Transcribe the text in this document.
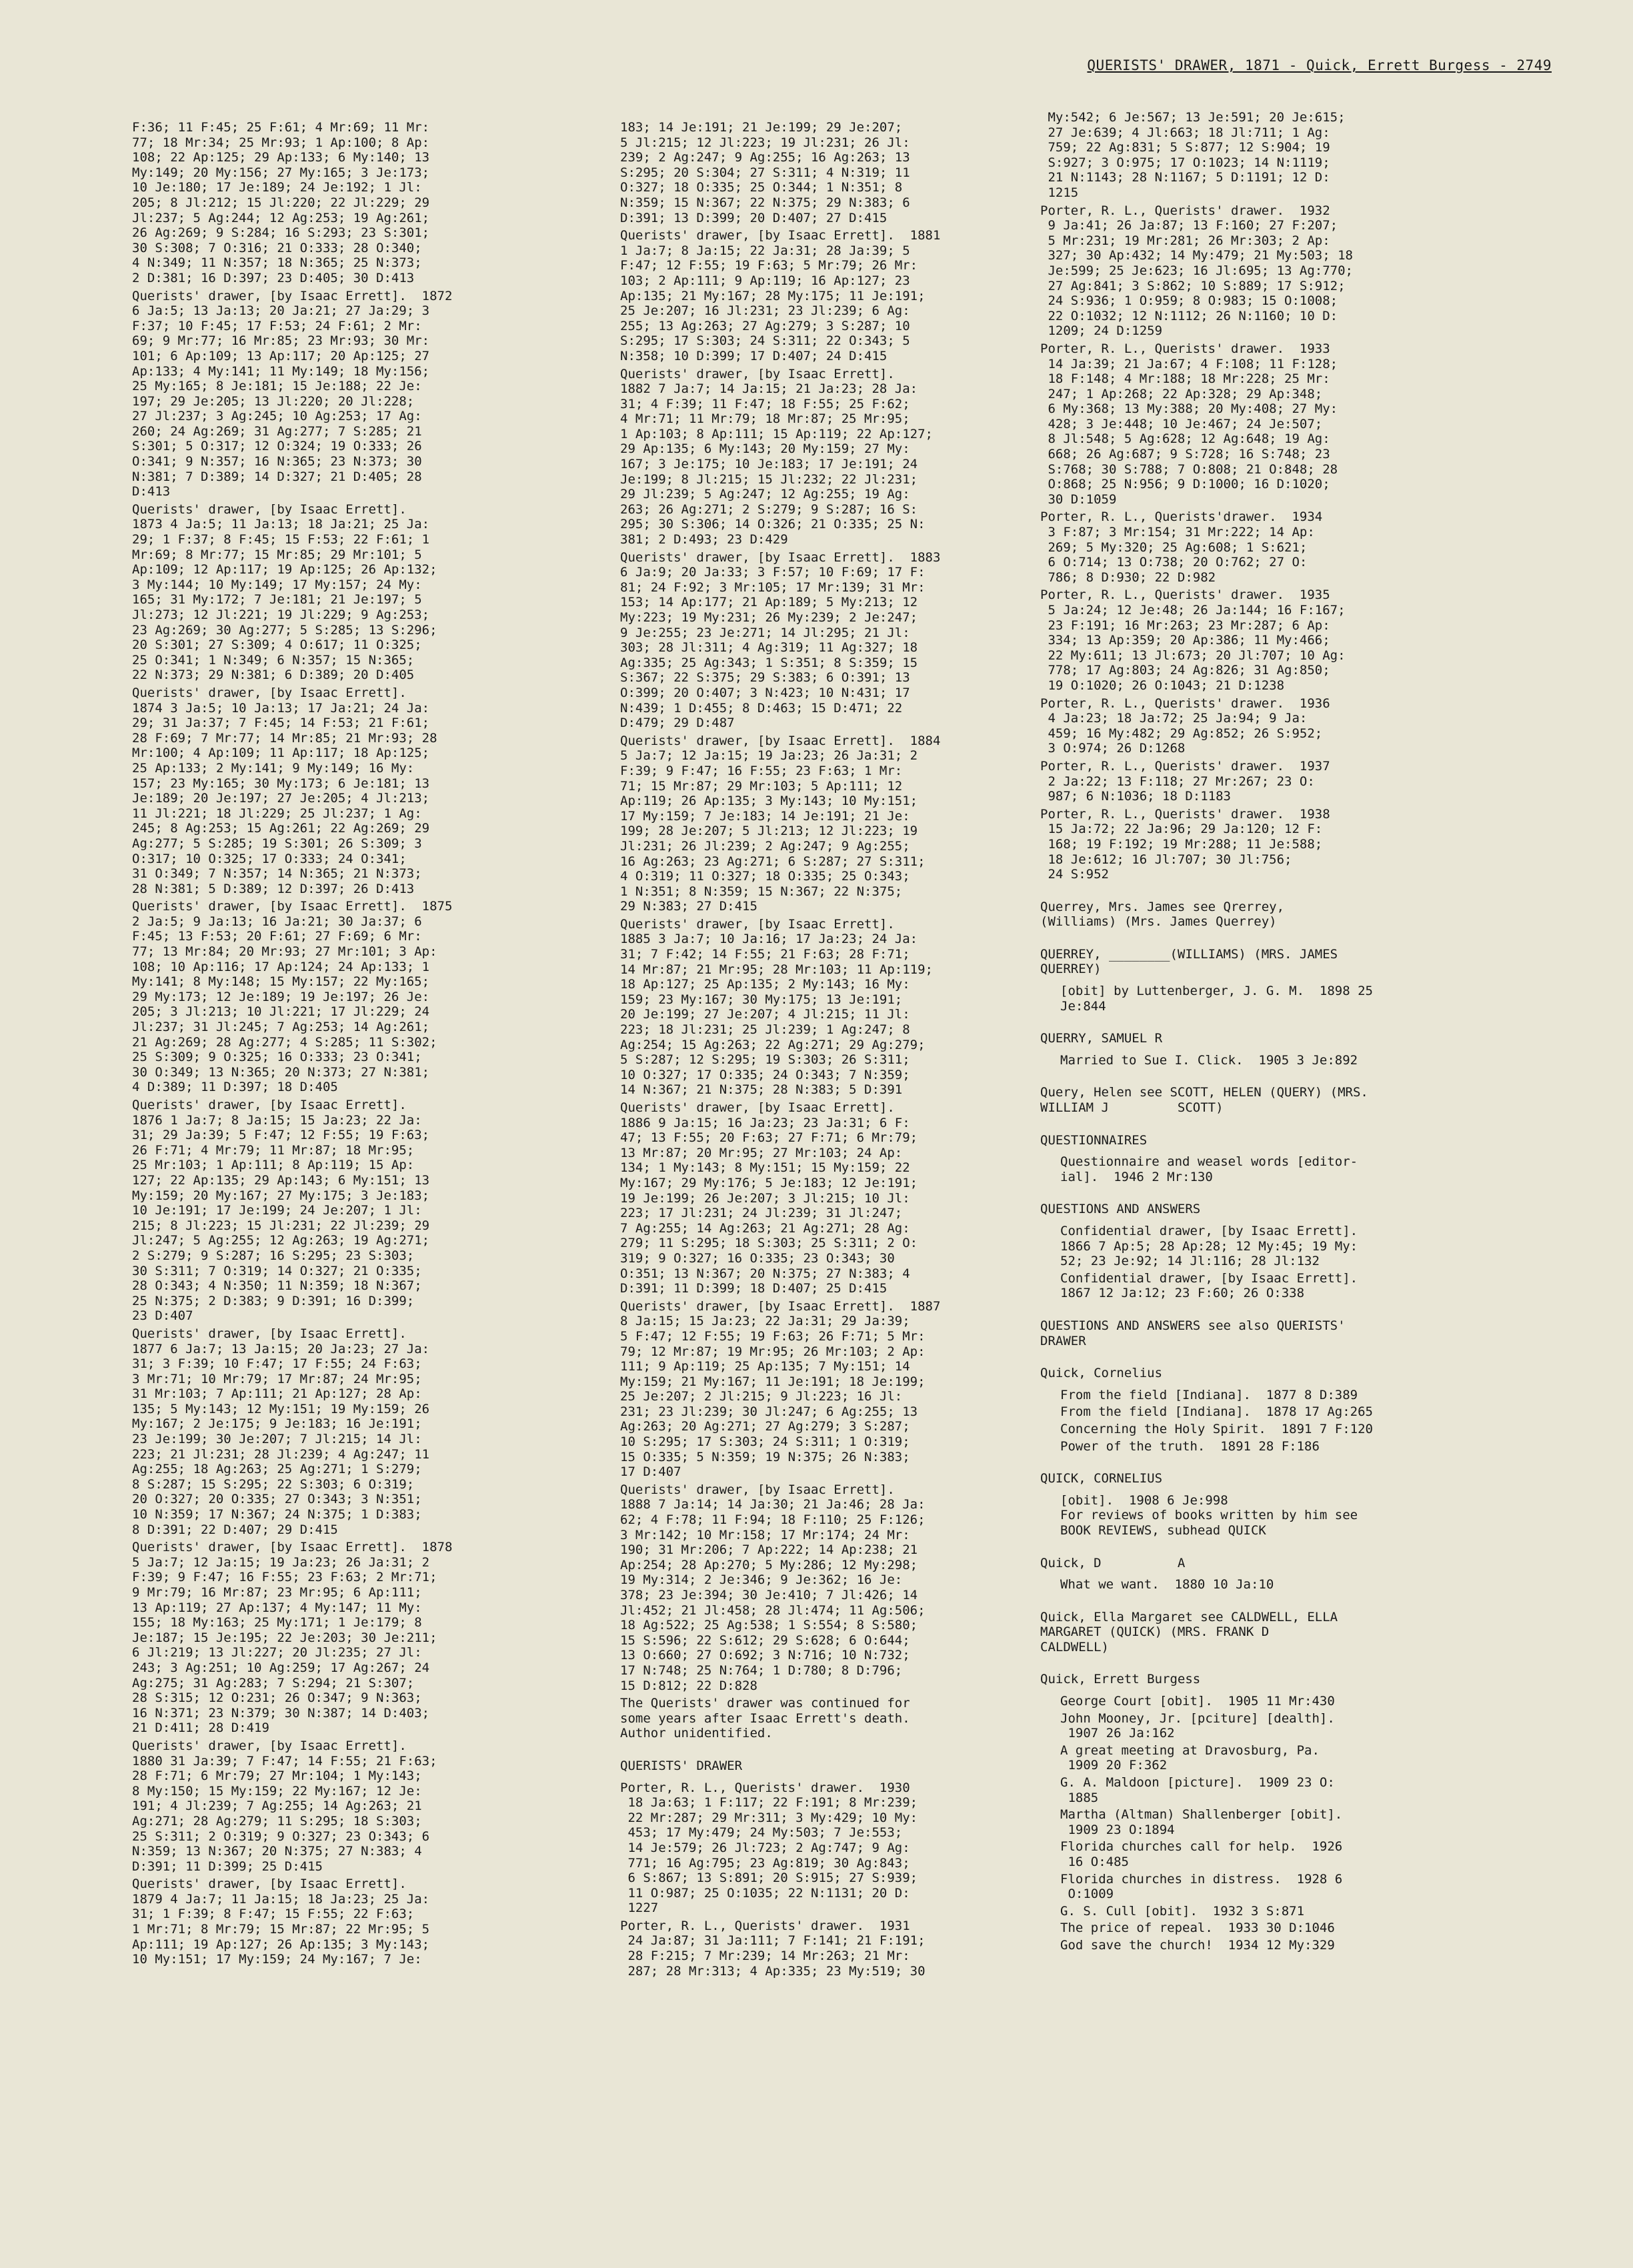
QUERISTS' DRAWER, 1871 - Quick, Errett Burgess - 2749
F:36; 11 F:45; 25 F:61; 4 Mr:69; 11 Mr:
77; 18 Mr:34; 25 Mr:93; 1 Ap:100; 8 Ap:
108; 22 Ap:125; 29 Ap:133; 6 My:140; 13
My:149; 20 My:156; 27 My:165; 3 Je:173;
10 Je:180; 17 Je:189; 24 Je:192; 1 Jl:
205; 8 Jl:212; 15 Jl:220; 22 Jl:229; 29
Jl:237; 5 Ag:244; 12 Ag:253; 19 Ag:261;
26 Ag:269; 9 S:284; 16 S:293; 23 S:301;
30 S:308; 7 O:316; 21 O:333; 28 O:340;
4 N:349; 11 N:357; 18 N:365; 25 N:373;
2 D:381; 16 D:397; 23 D:405; 30 D:413
Querists' drawer, [by Isaac Errett].  1872
6 Ja:5; 13 Ja:13; 20 Ja:21; 27 Ja:29; 3
F:37; 10 F:45; 17 F:53; 24 F:61; 2 Mr:
69; 9 Mr:77; 16 Mr:85; 23 Mr:93; 30 Mr:
101; 6 Ap:109; 13 Ap:117; 20 Ap:125; 27
Ap:133; 4 My:141; 11 My:149; 18 My:156;
25 My:165; 8 Je:181; 15 Je:188; 22 Je:
197; 29 Je:205; 13 Jl:220; 20 Jl:228;
27 Jl:237; 3 Ag:245; 10 Ag:253; 17 Ag:
260; 24 Ag:269; 31 Ag:277; 7 S:285; 21
S:301; 5 O:317; 12 O:324; 19 O:333; 26
O:341; 9 N:357; 16 N:365; 23 N:373; 30
N:381; 7 D:389; 14 D:327; 21 D:405; 28
D:413
Querists' drawer, [by Isaac Errett].
1873 4 Ja:5; 11 Ja:13; 18 Ja:21; 25 Ja:
29; 1 F:37; 8 F:45; 15 F:53; 22 F:61; 1
Mr:69; 8 Mr:77; 15 Mr:85; 29 Mr:101; 5
Ap:109; 12 Ap:117; 19 Ap:125; 26 Ap:132;
3 My:144; 10 My:149; 17 My:157; 24 My:
165; 31 My:172; 7 Je:181; 21 Je:197; 5
Jl:273; 12 Jl:221; 19 Jl:229; 9 Ag:253;
23 Ag:269; 30 Ag:277; 5 S:285; 13 S:296;
20 S:301; 27 S:309; 4 O:617; 11 O:325;
25 O:341; 1 N:349; 6 N:357; 15 N:365;
22 N:373; 29 N:381; 6 D:389; 20 D:405
Querists' drawer, [by Isaac Errett].
1874 3 Ja:5; 10 Ja:13; 17 Ja:21; 24 Ja:
29; 31 Ja:37; 7 F:45; 14 F:53; 21 F:61;
28 F:69; 7 Mr:77; 14 Mr:85; 21 Mr:93; 28
Mr:100; 4 Ap:109; 11 Ap:117; 18 Ap:125;
25 Ap:133; 2 My:141; 9 My:149; 16 My:
157; 23 My:165; 30 My:173; 6 Je:181; 13
Je:189; 20 Je:197; 27 Je:205; 4 Jl:213;
11 Jl:221; 18 Jl:229; 25 Jl:237; 1 Ag:
245; 8 Ag:253; 15 Ag:261; 22 Ag:269; 29
Ag:277; 5 S:285; 19 S:301; 26 S:309; 3
O:317; 10 O:325; 17 O:333; 24 O:341;
31 O:349; 7 N:357; 14 N:365; 21 N:373;
28 N:381; 5 D:389; 12 D:397; 26 D:413
Querists' drawer, [by Isaac Errett].  1875
2 Ja:5; 9 Ja:13; 16 Ja:21; 30 Ja:37; 6
F:45; 13 F:53; 20 F:61; 27 F:69; 6 Mr:
77; 13 Mr:84; 20 Mr:93; 27 Mr:101; 3 Ap:
108; 10 Ap:116; 17 Ap:124; 24 Ap:133; 1
My:141; 8 My:148; 15 My:157; 22 My:165;
29 My:173; 12 Je:189; 19 Je:197; 26 Je:
205; 3 Jl:213; 10 Jl:221; 17 Jl:229; 24
Jl:237; 31 Jl:245; 7 Ag:253; 14 Ag:261;
21 Ag:269; 28 Ag:277; 4 S:285; 11 S:302;
25 S:309; 9 O:325; 16 O:333; 23 O:341;
30 O:349; 13 N:365; 20 N:373; 27 N:381;
4 D:389; 11 D:397; 18 D:405
Querists' drawer, [by Isaac Errett].
1876 1 Ja:7; 8 Ja:15; 15 Ja:23; 22 Ja:
31; 29 Ja:39; 5 F:47; 12 F:55; 19 F:63;
26 F:71; 4 Mr:79; 11 Mr:87; 18 Mr:95;
25 Mr:103; 1 Ap:111; 8 Ap:119; 15 Ap:
127; 22 Ap:135; 29 Ap:143; 6 My:151; 13
My:159; 20 My:167; 27 My:175; 3 Je:183;
10 Je:191; 17 Je:199; 24 Je:207; 1 Jl:
215; 8 Jl:223; 15 Jl:231; 22 Jl:239; 29
Jl:247; 5 Ag:255; 12 Ag:263; 19 Ag:271;
2 S:279; 9 S:287; 16 S:295; 23 S:303;
30 S:311; 7 O:319; 14 O:327; 21 O:335;
28 O:343; 4 N:350; 11 N:359; 18 N:367;
25 N:375; 2 D:383; 9 D:391; 16 D:399;
23 D:407
Querists' drawer, [by Isaac Errett].
1877 6 Ja:7; 13 Ja:15; 20 Ja:23; 27 Ja:
31; 3 F:39; 10 F:47; 17 F:55; 24 F:63;
3 Mr:71; 10 Mr:79; 17 Mr:87; 24 Mr:95;
31 Mr:103; 7 Ap:111; 21 Ap:127; 28 Ap:
135; 5 My:143; 12 My:151; 19 My:159; 26
My:167; 2 Je:175; 9 Je:183; 16 Je:191;
23 Je:199; 30 Je:207; 7 Jl:215; 14 Jl:
223; 21 Jl:231; 28 Jl:239; 4 Ag:247; 11
Ag:255; 18 Ag:263; 25 Ag:271; 1 S:279;
8 S:287; 15 S:295; 22 S:303; 6 O:319;
20 O:327; 20 O:335; 27 O:343; 3 N:351;
10 N:359; 17 N:367; 24 N:375; 1 D:383;
8 D:391; 22 D:407; 29 D:415
Querists' drawer, [by Isaac Errett].  1878
5 Ja:7; 12 Ja:15; 19 Ja:23; 26 Ja:31; 2
F:39; 9 F:47; 16 F:55; 23 F:63; 2 Mr:71;
9 Mr:79; 16 Mr:87; 23 Mr:95; 6 Ap:111;
13 Ap:119; 27 Ap:137; 4 My:147; 11 My:
155; 18 My:163; 25 My:171; 1 Je:179; 8
Je:187; 15 Je:195; 22 Je:203; 30 Je:211;
6 Jl:219; 13 Jl:227; 20 Jl:235; 27 Jl:
243; 3 Ag:251; 10 Ag:259; 17 Ag:267; 24
Ag:275; 31 Ag:283; 7 S:294; 21 S:307;
28 S:315; 12 O:231; 26 O:347; 9 N:363;
16 N:371; 23 N:379; 30 N:387; 14 D:403;
21 D:411; 28 D:419
Querists' drawer, [by Isaac Errett].
1880 31 Ja:39; 7 F:47; 14 F:55; 21 F:63;
28 F:71; 6 Mr:79; 27 Mr:104; 1 My:143;
8 My:150; 15 My:159; 22 My:167; 12 Je:
191; 4 Jl:239; 7 Ag:255; 14 Ag:263; 21
Ag:271; 28 Ag:279; 11 S:295; 18 S:303;
25 S:311; 2 O:319; 9 O:327; 23 O:343; 6
N:359; 13 N:367; 20 N:375; 27 N:383; 4
D:391; 11 D:399; 25 D:415
Querists' drawer, [by Isaac Errett].
1879 4 Ja:7; 11 Ja:15; 18 Ja:23; 25 Ja:
31; 1 F:39; 8 F:47; 15 F:55; 22 F:63;
1 Mr:71; 8 Mr:79; 15 Mr:87; 22 Mr:95; 5
Ap:111; 19 Ap:127; 26 Ap:135; 3 My:143;
10 My:151; 17 My:159; 24 My:167; 7 Je:
183; 14 Je:191; 21 Je:199; 29 Je:207;
5 Jl:215; 12 Jl:223; 19 Jl:231; 26 Jl:
239; 2 Ag:247; 9 Ag:255; 16 Ag:263; 13
S:295; 20 S:304; 27 S:311; 4 N:319; 11
O:327; 18 O:335; 25 O:344; 1 N:351; 8
N:359; 15 N:367; 22 N:375; 29 N:383; 6
D:391; 13 D:399; 20 D:407; 27 D:415
Querists' drawer, [by Isaac Errett].  1881
1 Ja:7; 8 Ja:15; 22 Ja:31; 28 Ja:39; 5
F:47; 12 F:55; 19 F:63; 5 Mr:79; 26 Mr:
103; 2 Ap:111; 9 Ap:119; 16 Ap:127; 23
Ap:135; 21 My:167; 28 My:175; 11 Je:191;
25 Je:207; 16 Jl:231; 23 Jl:239; 6 Ag:
255; 13 Ag:263; 27 Ag:279; 3 S:287; 10
S:295; 17 S:303; 24 S:311; 22 O:343; 5
N:358; 10 D:399; 17 D:407; 24 D:415
Querists' drawer, [by Isaac Errett].
1882 7 Ja:7; 14 Ja:15; 21 Ja:23; 28 Ja:
31; 4 F:39; 11 F:47; 18 F:55; 25 F:62;
4 Mr:71; 11 Mr:79; 18 Mr:87; 25 Mr:95;
1 Ap:103; 8 Ap:111; 15 Ap:119; 22 Ap:127;
29 Ap:135; 6 My:143; 20 My:159; 27 My:
167; 3 Je:175; 10 Je:183; 17 Je:191; 24
Je:199; 8 Jl:215; 15 Jl:232; 22 Jl:231;
29 Jl:239; 5 Ag:247; 12 Ag:255; 19 Ag:
263; 26 Ag:271; 2 S:279; 9 S:287; 16 S:
295; 30 S:306; 14 O:326; 21 O:335; 25 N:
381; 2 D:493; 23 D:429
Querists' drawer, [by Isaac Errett].  1883
6 Ja:9; 20 Ja:33; 3 F:57; 10 F:69; 17 F:
81; 24 F:92; 3 Mr:105; 17 Mr:139; 31 Mr:
153; 14 Ap:177; 21 Ap:189; 5 My:213; 12
My:223; 19 My:231; 26 My:239; 2 Je:247;
9 Je:255; 23 Je:271; 14 Jl:295; 21 Jl:
303; 28 Jl:311; 4 Ag:319; 11 Ag:327; 18
Ag:335; 25 Ag:343; 1 S:351; 8 S:359; 15
S:367; 22 S:375; 29 S:383; 6 O:391; 13
O:399; 20 O:407; 3 N:423; 10 N:431; 17
N:439; 1 D:455; 8 D:463; 15 D:471; 22
D:479; 29 D:487
Querists' drawer, [by Isaac Errett].  1884
5 Ja:7; 12 Ja:15; 19 Ja:23; 26 Ja:31; 2
F:39; 9 F:47; 16 F:55; 23 F:63; 1 Mr:
71; 15 Mr:87; 29 Mr:103; 5 Ap:111; 12
Ap:119; 26 Ap:135; 3 My:143; 10 My:151;
17 My:159; 7 Je:183; 14 Je:191; 21 Je:
199; 28 Je:207; 5 Jl:213; 12 Jl:223; 19
Jl:231; 26 Jl:239; 2 Ag:247; 9 Ag:255;
16 Ag:263; 23 Ag:271; 6 S:287; 27 S:311;
4 O:319; 11 O:327; 18 O:335; 25 O:343;
1 N:351; 8 N:359; 15 N:367; 22 N:375;
29 N:383; 27 D:415
Querists' drawer, [by Isaac Errett].
1885 3 Ja:7; 10 Ja:16; 17 Ja:23; 24 Ja:
31; 7 F:42; 14 F:55; 21 F:63; 28 F:71;
14 Mr:87; 21 Mr:95; 28 Mr:103; 11 Ap:119;
18 Ap:127; 25 Ap:135; 2 My:143; 16 My:
159; 23 My:167; 30 My:175; 13 Je:191;
20 Je:199; 27 Je:207; 4 Jl:215; 11 Jl:
223; 18 Jl:231; 25 Jl:239; 1 Ag:247; 8
Ag:254; 15 Ag:263; 22 Ag:271; 29 Ag:279;
5 S:287; 12 S:295; 19 S:303; 26 S:311;
10 O:327; 17 O:335; 24 O:343; 7 N:359;
14 N:367; 21 N:375; 28 N:383; 5 D:391
Querists' drawer, [by Isaac Errett].
1886 9 Ja:15; 16 Ja:23; 23 Ja:31; 6 F:
47; 13 F:55; 20 F:63; 27 F:71; 6 Mr:79;
13 Mr:87; 20 Mr:95; 27 Mr:103; 24 Ap:
134; 1 My:143; 8 My:151; 15 My:159; 22
My:167; 29 My:176; 5 Je:183; 12 Je:191;
19 Je:199; 26 Je:207; 3 Jl:215; 10 Jl:
223; 17 Jl:231; 24 Jl:239; 31 Jl:247;
7 Ag:255; 14 Ag:263; 21 Ag:271; 28 Ag:
279; 11 S:295; 18 S:303; 25 S:311; 2 O:
319; 9 O:327; 16 O:335; 23 O:343; 30
O:351; 13 N:367; 20 N:375; 27 N:383; 4
D:391; 11 D:399; 18 D:407; 25 D:415
Querists' drawer, [by Isaac Errett].  1887
8 Ja:15; 15 Ja:23; 22 Ja:31; 29 Ja:39;
5 F:47; 12 F:55; 19 F:63; 26 F:71; 5 Mr:
79; 12 Mr:87; 19 Mr:95; 26 Mr:103; 2 Ap:
111; 9 Ap:119; 25 Ap:135; 7 My:151; 14
My:159; 21 My:167; 11 Je:191; 18 Je:199;
25 Je:207; 2 Jl:215; 9 Jl:223; 16 Jl:
231; 23 Jl:239; 30 Jl:247; 6 Ag:255; 13
Ag:263; 20 Ag:271; 27 Ag:279; 3 S:287;
10 S:295; 17 S:303; 24 S:311; 1 O:319;
15 O:335; 5 N:359; 19 N:375; 26 N:383;
17 D:407
Querists' drawer, [by Isaac Errett].
1888 7 Ja:14; 14 Ja:30; 21 Ja:46; 28 Ja:
62; 4 F:78; 11 F:94; 18 F:110; 25 F:126;
3 Mr:142; 10 Mr:158; 17 Mr:174; 24 Mr:
190; 31 Mr:206; 7 Ap:222; 14 Ap:238; 21
Ap:254; 28 Ap:270; 5 My:286; 12 My:298;
19 My:314; 2 Je:346; 9 Je:362; 16 Je:
378; 23 Je:394; 30 Je:410; 7 Jl:426; 14
Jl:452; 21 Jl:458; 28 Jl:474; 11 Ag:506;
18 Ag:522; 25 Ag:538; 1 S:554; 8 S:580;
15 S:596; 22 S:612; 29 S:628; 6 O:644;
13 O:660; 27 O:692; 3 N:716; 10 N:732;
17 N:748; 25 N:764; 1 D:780; 8 D:796;
15 D:812; 22 D:828
The Querists' drawer was continued for
some years after Isaac Errett's death.
Author unidentified.
QUERISTS' DRAWER
Porter, R. L., Querists' drawer.  1930
18 Ja:63; 1 F:117; 22 F:191; 8 Mr:239;
22 Mr:287; 29 Mr:311; 3 My:429; 10 My:
453; 17 My:479; 24 My:503; 7 Je:553;
14 Je:579; 26 Jl:723; 2 Ag:747; 9 Ag:
771; 16 Ag:795; 23 Ag:819; 30 Ag:843;
6 S:867; 13 S:891; 20 S:915; 27 S:939;
11 O:987; 25 O:1035; 22 N:1131; 20 D:
1227
Porter, R. L., Querists' drawer.  1931
24 Ja:87; 31 Ja:111; 7 F:141; 21 F:191;
28 F:215; 7 Mr:239; 14 Mr:263; 21 Mr:
287; 28 Mr:313; 4 Ap:335; 23 My:519; 30
My:542; 6 Je:567; 13 Je:591; 20 Je:615;
27 Je:639; 4 Jl:663; 18 Jl:711; 1 Ag:
759; 22 Ag:831; 5 S:877; 12 S:904; 19
S:927; 3 O:975; 17 O:1023; 14 N:1119;
21 N:1143; 28 N:1167; 5 D:1191; 12 D:
1215
Porter, R. L., Querists' drawer.  1932
9 Ja:41; 26 Ja:87; 13 F:160; 27 F:207;
5 Mr:231; 19 Mr:281; 26 Mr:303; 2 Ap:
327; 30 Ap:432; 14 My:479; 21 My:503; 18
Je:599; 25 Je:623; 16 Jl:695; 13 Ag:770;
27 Ag:841; 3 S:862; 10 S:889; 17 S:912;
24 S:936; 1 O:959; 8 O:983; 15 O:1008;
22 O:1032; 12 N:1112; 26 N:1160; 10 D:
1209; 24 D:1259
Porter, R. L., Querists' drawer.  1933
14 Ja:39; 21 Ja:67; 4 F:108; 11 F:128;
18 F:148; 4 Mr:188; 18 Mr:228; 25 Mr:
247; 1 Ap:268; 22 Ap:328; 29 Ap:348;
6 My:368; 13 My:388; 20 My:408; 27 My:
428; 3 Je:448; 10 Je:467; 24 Je:507;
8 Jl:548; 5 Ag:628; 12 Ag:648; 19 Ag:
668; 26 Ag:687; 9 S:728; 16 S:748; 23
S:768; 30 S:788; 7 O:808; 21 O:848; 28
O:868; 25 N:956; 9 D:1000; 16 D:1020;
30 D:1059
Porter, R. L., Querists'drawer.  1934
3 F:87; 3 Mr:154; 31 Mr:222; 14 Ap:
269; 5 My:320; 25 Ag:608; 1 S:621;
6 O:714; 13 O:738; 20 O:762; 27 O:
786; 8 D:930; 22 D:982
Porter, R. L., Querists' drawer.  1935
5 Ja:24; 12 Je:48; 26 Ja:144; 16 F:167;
23 F:191; 16 Mr:263; 23 Mr:287; 6 Ap:
334; 13 Ap:359; 20 Ap:386; 11 My:466;
22 My:611; 13 Jl:673; 20 Jl:707; 10 Ag:
778; 17 Ag:803; 24 Ag:826; 31 Ag:850;
19 O:1020; 26 O:1043; 21 D:1238
Porter, R. L., Querists' drawer.  1936
4 Ja:23; 18 Ja:72; 25 Ja:94; 9 Ja:
459; 16 My:482; 29 Ag:852; 26 S:952;
3 O:974; 26 D:1268
Porter, R. L., Querists' drawer.  1937
2 Ja:22; 13 F:118; 27 Mr:267; 23 O:
987; 6 N:1036; 18 D:1183
Porter, R. L., Querists' drawer.  1938
15 Ja:72; 22 Ja:96; 29 Ja:120; 12 F:
168; 19 F:192; 19 Mr:288; 11 Je:588;
18 Je:612; 16 Jl:707; 30 Jl:756;
24 S:952
Querrey, Mrs. James see Qrerrey,
(Williams) (Mrs. James Querrey)
QUERREY, ________(WILLIAMS) (MRS. JAMES
QUERREY)
[obit] by Luttenberger, J. G. M.  1898 25
Je:844
QUERRY, SAMUEL R
Married to Sue I. Click.  1905 3 Je:892
Query, Helen see SCOTT, HELEN (QUERY) (MRS.
WILLIAM J         SCOTT)
QUESTIONNAIRES
Questionnaire and weasel words [editor-
ial].  1946 2 Mr:130
QUESTIONS AND ANSWERS
Confidential drawer, [by Isaac Errett].
1866 7 Ap:5; 28 Ap:28; 12 My:45; 19 My:
52; 23 Je:92; 14 Jl:116; 28 Jl:132
Confidential drawer, [by Isaac Errett].
1867 12 Ja:12; 23 F:60; 26 O:338
QUESTIONS AND ANSWERS see also QUERISTS'
DRAWER
Quick, Cornelius
From the field [Indiana].  1877 8 D:389
From the field [Indiana].  1878 17 Ag:265
Concerning the Holy Spirit.  1891 7 F:120
Power of the truth.  1891 28 F:186
QUICK, CORNELIUS
[obit].  1908 6 Je:998
For reviews of books written by him see
BOOK REVIEWS, subhead QUICK
Quick, D          A
What we want.  1880 10 Ja:10
Quick, Ella Margaret see CALDWELL, ELLA
MARGARET (QUICK) (MRS. FRANK D
CALDWELL)
Quick, Errett Burgess
George Court [obit].  1905 11 Mr:430
John Mooney, Jr. [pciture] [dealth].
1907 26 Ja:162
A great meeting at Dravosburg, Pa.
1909 20 F:362
G. A. Maldoon [picture].  1909 23 O:
1885
Martha (Altman) Shallenberger [obit].
1909 23 O:1894
Florida churches call for help.  1926
16 O:485
Florida churches in distress.  1928 6
O:1009
G. S. Cull [obit].  1932 3 S:871
The price of repeal.  1933 30 D:1046
God save the church!  1934 12 My:329
